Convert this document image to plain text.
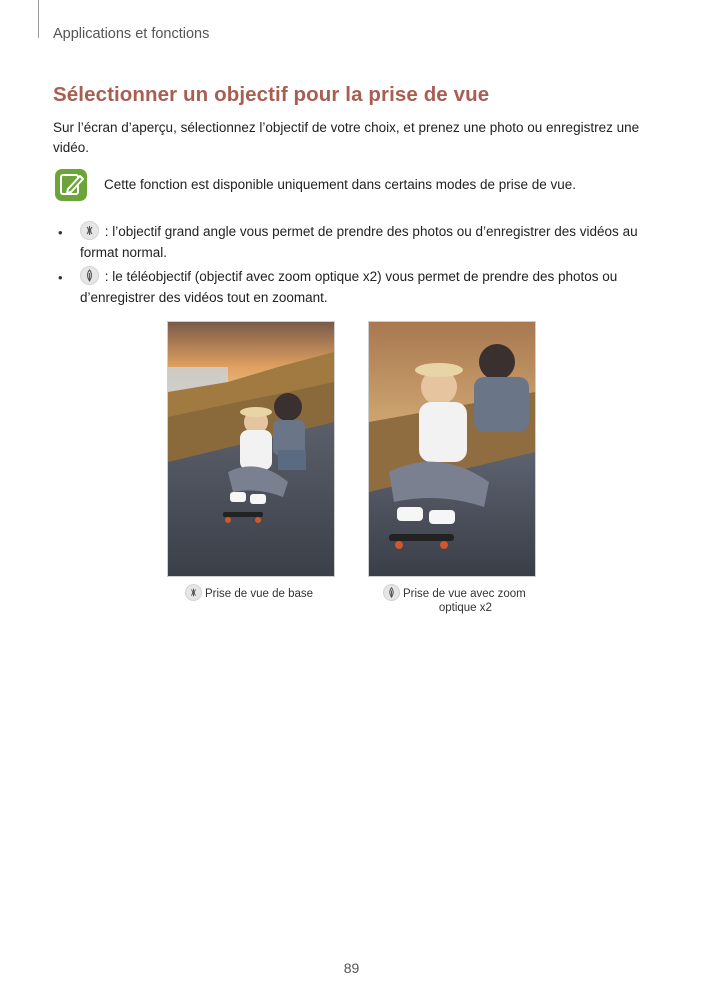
Applications et fonctions
Sélectionner un objectif pour la prise de vue

Sur l’écran d’aperçu, sélectionnez l’objectif de votre choix, et prenez une photo ou enregistrez une vidéo.

Cette fonction est disponible uniquement dans certains modes de prise de vue.
•	: l’objectif grand angle vous permet de prendre des photos ou d’enregistrer des vidéos au format normal.

•	: le téléobjectif (objectif avec zoom optique x2) vous permet de prendre des photos ou d’enregistrer des vidéos tout en zoomant.

Prise de vue de base	Prise de vue avec zoom
optique x2
89
